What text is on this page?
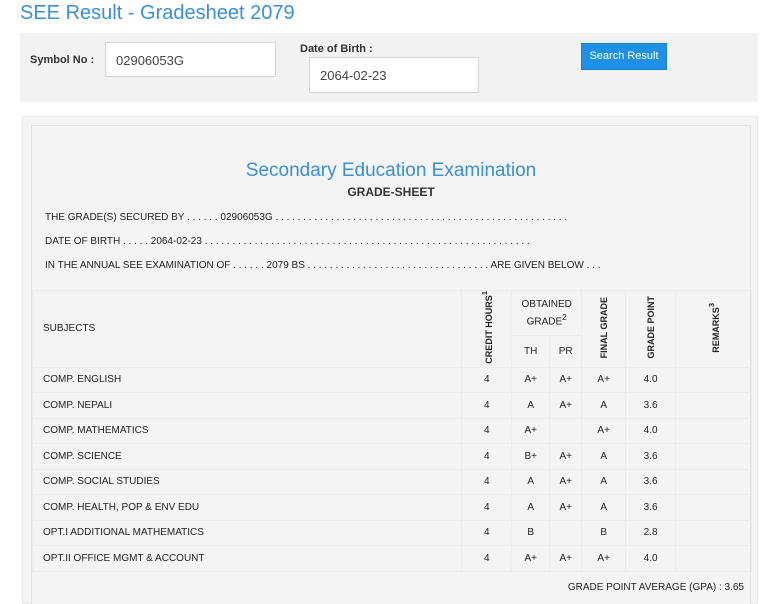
SEE Result - Gradesheet 2079
Symbol No :	02906053G
Date of Birth :
2064-02-23
Search Result
Secondary Education Examination
GRADE-SHEET
THE GRADE(S) SECURED BY . . . . . . 02906053G . . . . . . . . . . . . . . . . . . . . . . . . . . . . . . . . . . . . . . . . . . . . . . . . . . . . .
DATE OF BIRTH . . . . . 2064-02-23 . . . . . . . . . . . . . . . . . . . . . . . . . . . . . . . . . . . . . . . . . . . . . . . . . . . . . . . . . . .
IN THE ANNUAL SEE EXAMINATION OF . . . . . . 2079 BS . . . . . . . . . . . . . . . . . . . . . . . . . . . . . . . . . ARE GIVEN BELOW . . .
SUBJECTS	CREDIT HOURS$^1$	OBTAINED GRADE$^2$		FINAL GRADE	GRADE POINT	REMARKS$^3$
		TH	PR			
COMP. ENGLISH	4	A+	A+	A+	4.0	
COMP. NEPALI	4	A	A+	A	3.6	
COMP. MATHEMATICS	4	A+		A+	4.0	
COMP. SCIENCE	4	B+	A+	A	3.6	
COMP. SOCIAL STUDIES	4	A	A+	A	3.6	
COMP. HEALTH, POP & ENV EDU	4	A	A+	A	3.6	
OPT.I ADDITIONAL MATHEMATICS	4	B		B	2.8	
OPT.II OFFICE MGMT & ACCOUNT	4	A+	A+	A+	4.0	
GRADE POINT AVERAGE (GPA) : 3.65
